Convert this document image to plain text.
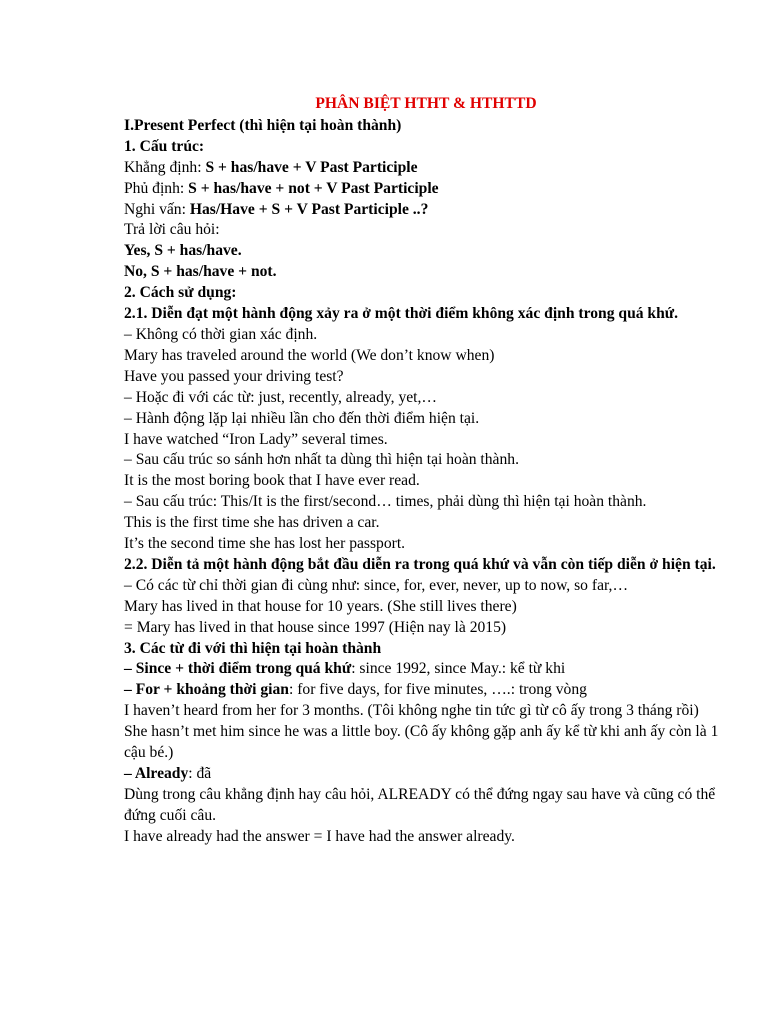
PHÂN BIỆT HTHT & HTHTTD
I.Present Perfect (thì hiện tại hoàn thành)
1. Cấu trúc:
Khẳng định: S + has/have + V Past Participle
Phủ định: S + has/have + not + V Past Participle
Nghi vấn: Has/Have + S + V Past Participle ..?
Trả lời câu hỏi:
Yes, S + has/have.
No, S + has/have + not.
2. Cách sử dụng:
2.1. Diễn đạt một hành động xảy ra ở một thời điểm không xác định trong quá khứ.
– Không có thời gian xác định.
Mary has traveled around the world (We don’t know when)
Have you passed your driving test?
– Hoặc đi với các từ: just, recently, already, yet,…
– Hành động lặp lại nhiều lần cho đến thời điểm hiện tại.
I have watched “Iron Lady” several times.
– Sau cấu trúc so sánh hơn nhất ta dùng thì hiện tại hoàn thành.
It is the most boring book that I have ever read.
– Sau cấu trúc: This/It is the first/second… times, phải dùng thì hiện tại hoàn thành.
This is the first time she has driven a car.
It’s the second time she has lost her passport.
2.2. Diễn tả một hành động bắt đầu diễn ra trong quá khứ và vẫn còn tiếp diễn ở hiện tại.
– Có các từ chỉ thời gian đi cùng như: since, for, ever, never, up to now, so far,…
Mary has lived in that house for 10 years. (She still lives there)
= Mary has lived in that house since 1997 (Hiện nay là 2015)
3. Các từ đi với thì hiện tại hoàn thành
– Since + thời điểm trong quá khứ: since 1992, since May.: kể từ khi
– For + khoảng thời gian: for five days, for five minutes, ….: trong vòng
I haven’t heard from her for 3 months. (Tôi không nghe tin tức gì từ cô ấy trong 3 tháng rồi)
She hasn’t met him since he was a little boy. (Cô ấy không gặp anh ấy kể từ khi anh ấy còn là 1 cậu bé.)
– Already: đã
Dùng trong câu khẳng định hay câu hỏi, ALREADY có thể đứng ngay sau have và cũng có thể đứng cuối câu.
I have already had the answer = I have had the answer already.
